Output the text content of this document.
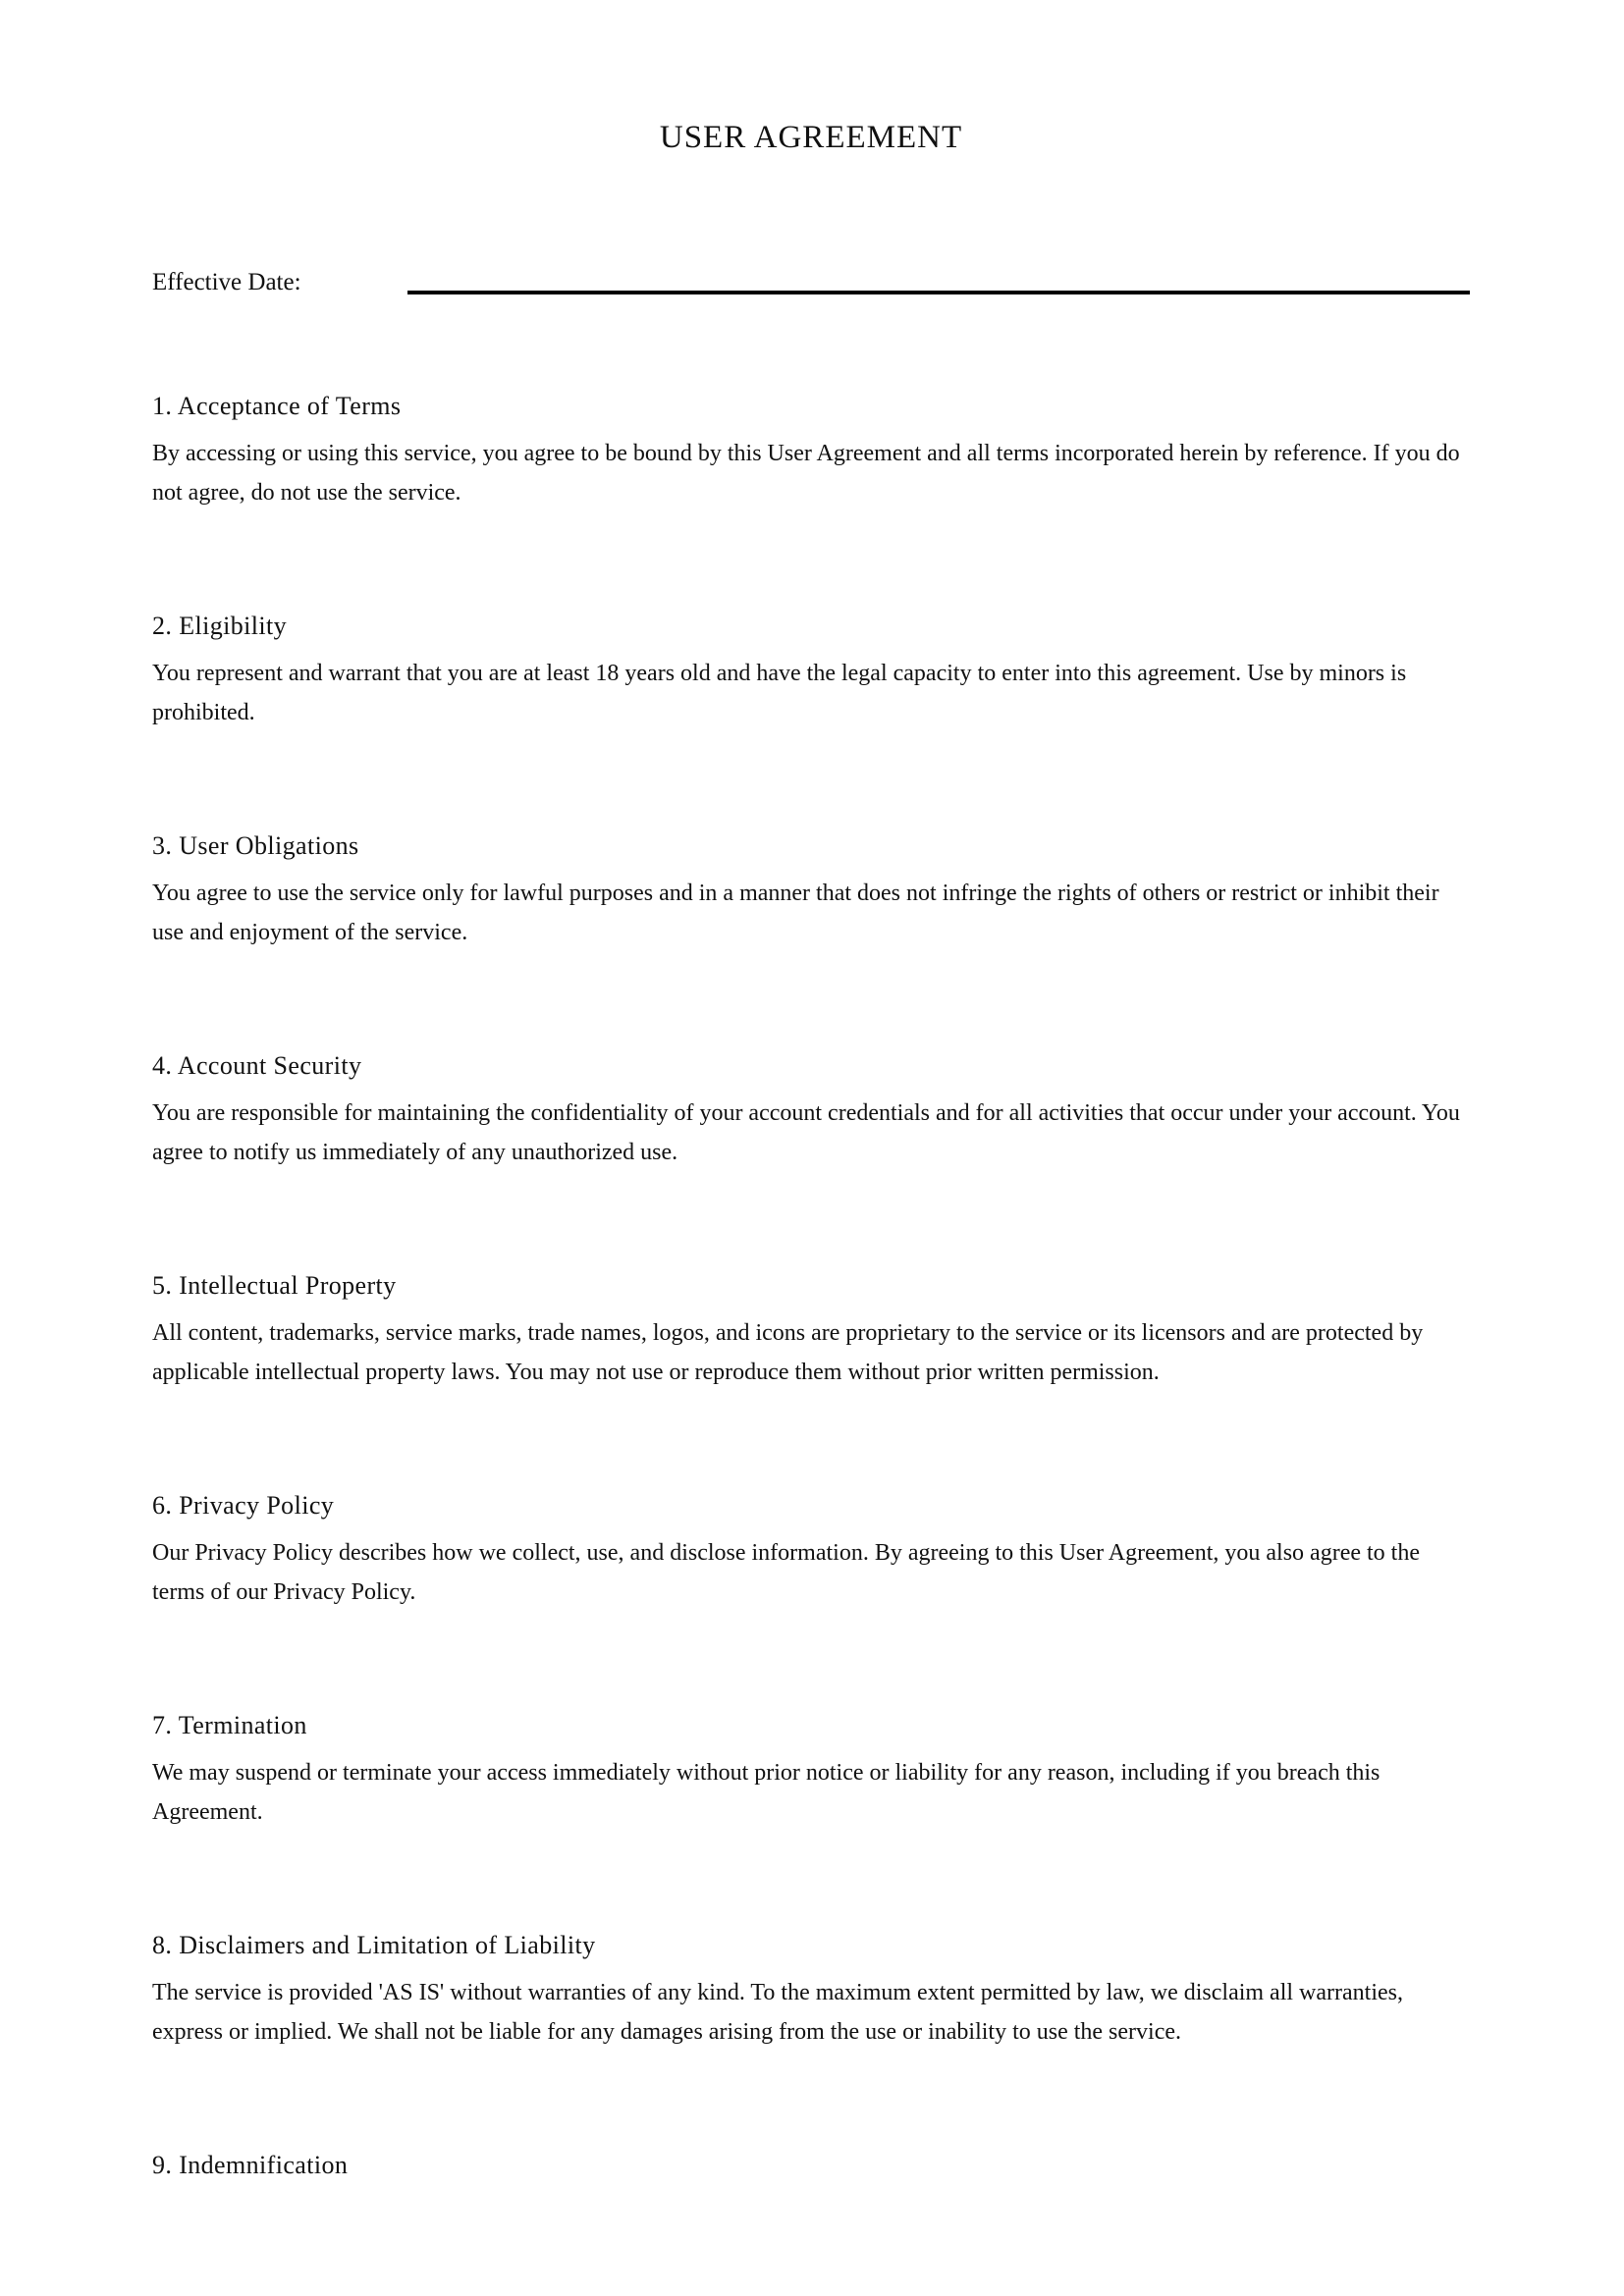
USER AGREEMENT
Effective Date:
1. Acceptance of Terms

By accessing or using this service, you agree to be bound by this User Agreement and all terms incorporated herein by reference. If you do not agree, do not use the service.

2. Eligibility

You represent and warrant that you are at least 18 years old and have the legal capacity to enter into this agreement. Use by minors is prohibited.

3. User Obligations

You agree to use the service only for lawful purposes and in a manner that does not infringe the rights of others or restrict or inhibit their use and enjoyment of the service.

4. Account Security

You are responsible for maintaining the confidentiality of your account credentials and for all activities that occur under your account. You agree to notify us immediately of any unauthorized use.

5. Intellectual Property

All content, trademarks, service marks, trade names, logos, and icons are proprietary to the service or its licensors and are protected by applicable intellectual property laws. You may not use or reproduce them without prior written permission.

6. Privacy Policy

Our Privacy Policy describes how we collect, use, and disclose information. By agreeing to this User Agreement, you also agree to the terms of our Privacy Policy.

7. Termination

We may suspend or terminate your access immediately without prior notice or liability for any reason, including if you breach this Agreement.

8. Disclaimers and Limitation of Liability

The service is provided 'AS IS' without warranties of any kind. To the maximum extent permitted by law, we disclaim all warranties, express or implied. We shall not be liable for any damages arising from the use or inability to use the service.

9. Indemnification
